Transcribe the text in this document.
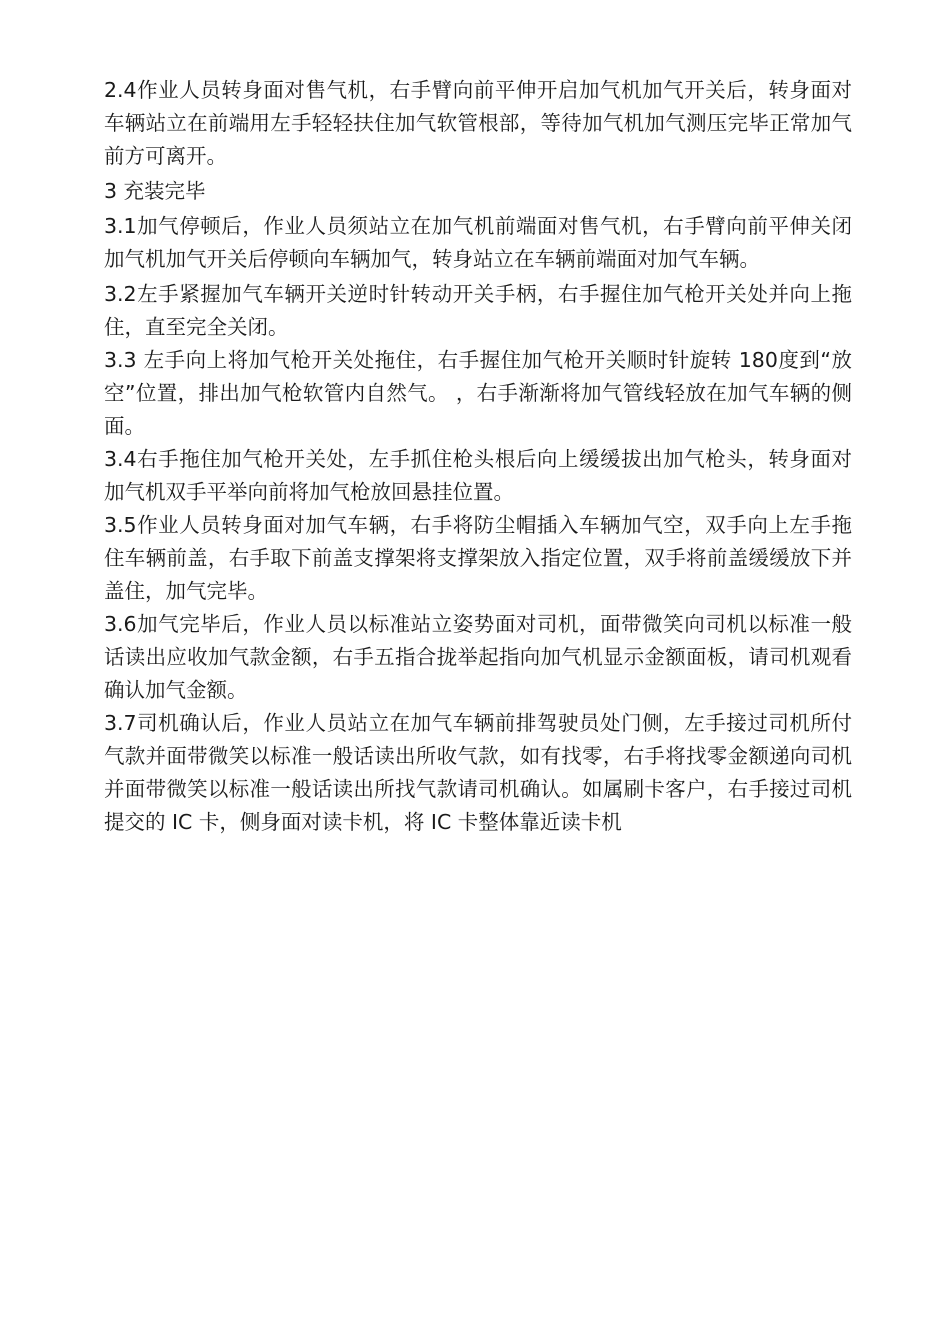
2.4作业人员转身面对售气机，右手臂向前平伸开启加气机加气开关后，转身面对车辆站立在前端用左手轻轻扶住加气软管根部，等待加气机加气测压完毕正常加气前方可离开。

3 充装完毕

3.1加气停顿后，作业人员须站立在加气机前端面对售气机，右手臂向前平伸关闭加气机加气开关后停顿向车辆加气，转身站立在车辆前端面对加气车辆。

3.2左手紧握加气车辆开关逆时针转动开关手柄，右手握住加气枪开关处并向上拖住，直至完全关闭。

3.3 左手向上将加气枪开关处拖住，右手握住加气枪开关顺时针旋转 180度到“放空”位置，排出加气枪软管内自然气。 ，右手渐渐将加气管线轻放在加气车辆的侧面。

3.4右手拖住加气枪开关处，左手抓住枪头根后向上缓缓拔出加气枪头，转身面对加气机双手平举向前将加气枪放回悬挂位置。

3.5作业人员转身面对加气车辆，右手将防尘帽插入车辆加气空，双手向上左手拖住车辆前盖，右手取下前盖支撑架将支撑架放入指定位置，双手将前盖缓缓放下并盖住，加气完毕。

3.6加气完毕后，作业人员以标准站立姿势面对司机，面带微笑向司机以标准一般话读出应收加气款金额，右手五指合拢举起指向加气机显示金额面板，请司机观看确认加气金额。

3.7司机确认后，作业人员站立在加气车辆前排驾驶员处门侧，左手接过司机所付气款并面带微笑以标准一般话读出所收气款，如有找零，右手将找零金额递向司机并面带微笑以标准一般话读出所找气款请司机确认。如属刷卡客户，右手接过司机提交的 IC 卡，侧身面对读卡机，将 IC 卡整体靠近读卡机
